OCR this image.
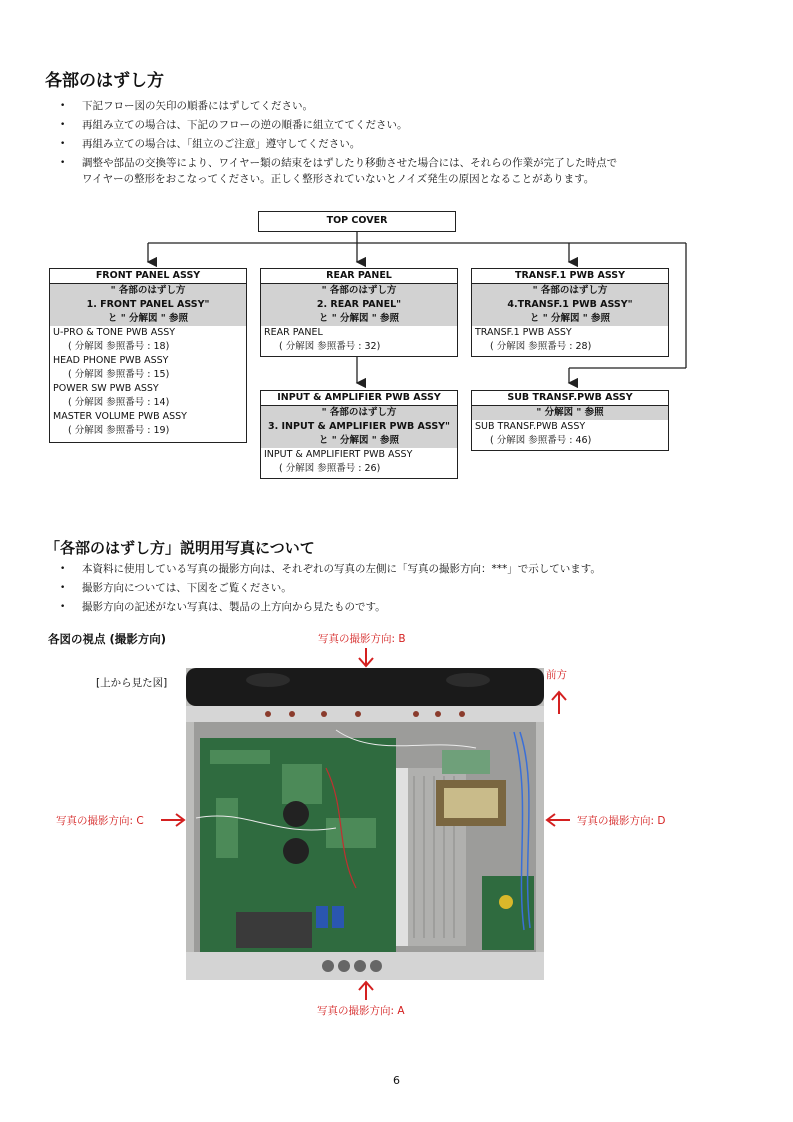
各部のはずし方
• 下記フロー図の矢印の順番にはずしてください。
• 再組み立ての場合は、下記のフローの逆の順番に組立ててください。
• 再組み立ての場合は、「組立のご注意」遵守してください。
• 調整や部品の交換等により、ワイヤー類の結束をはずしたり移動させた場合には、それらの作業が完了した時点で
ワイヤーの整形をおこなってください。正しく整形されていないとノイズ発生の原因となることがあります。
TOP COVER
FRONT PANEL ASSY
" 各部のはずし方
1. FRONT PANEL ASSY"
と " 分解図 " 参照
U-PRO & TONE PWB ASSY
( 分解図 参照番号 : 18)
HEAD PHONE PWB ASSY
( 分解図 参照番号 : 15)
POWER SW PWB ASSY
( 分解図 参照番号 : 14)
MASTER VOLUME PWB ASSY
( 分解図 参照番号 : 19)
REAR PANEL
" 各部のはずし方
2. REAR PANEL"
と " 分解図 " 参照
REAR PANEL
( 分解図 参照番号 : 32)
TRANSF.1 PWB ASSY
" 各部のはずし方
4.TRANSF.1 PWB ASSY"
と " 分解図 " 参照
TRANSF.1 PWB ASSY
( 分解図 参照番号 : 28)
INPUT & AMPLIFIER PWB ASSY
" 各部のはずし方
3. INPUT & AMPLIFIER PWB ASSY"
と " 分解図 " 参照
INPUT & AMPLIFIERT PWB ASSY
( 分解図 参照番号 : 26)
SUB TRANSF.PWB ASSY
" 分解図 " 参照
SUB TRANSF.PWB ASSY
( 分解図 参照番号 : 46)
「各部のはずし方」説明用写真について
• 本資料に使用している写真の撮影方向は、それぞれの写真の左側に「写真の撮影方向：***」で示しています。
• 撮影方向については、下図をご覧ください。
• 撮影方向の記述がない写真は、製品の上方向から見たものです。
各図の視点 (撮影方向)
[上から見た図]
写真の撮影方向: B
前方
写真の撮影方向: C	写真の撮影方向: D
写真の撮影方向: A
6
